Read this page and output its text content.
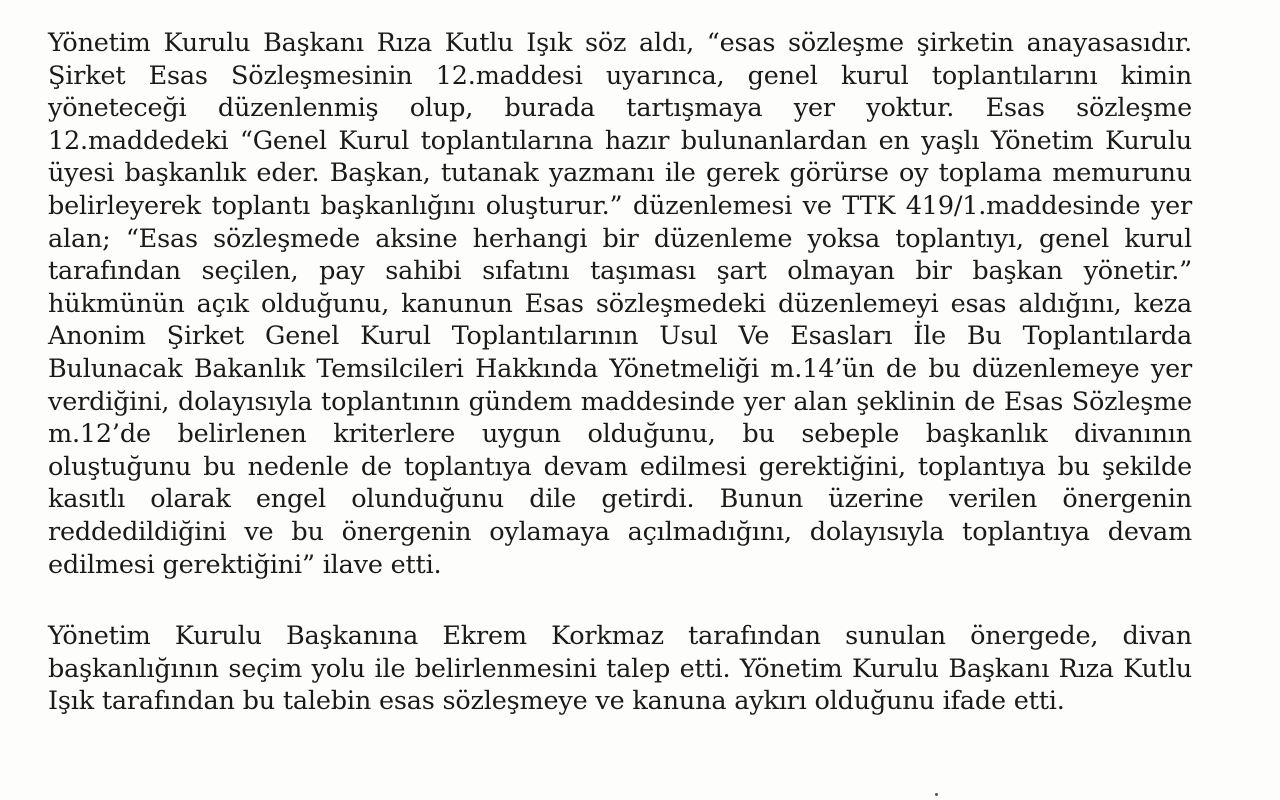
Yönetim Kurulu Başkanı Rıza Kutlu Işık söz aldı, “esas sözleşme şirketin anayasasıdır. Şirket Esas Sözleşmesinin 12.maddesi uyarınca, genel kurul toplantılarını kimin yöneteceği düzenlenmiş olup, burada tartışmaya yer yoktur. Esas sözleşme 12.maddedeki “Genel Kurul toplantılarına hazır bulunanlardan en yaşlı Yönetim Kurulu üyesi başkanlık eder. Başkan, tutanak yazmanı ile gerek görürse oy toplama memurunu belirleyerek toplantı başkanlığını oluşturur.” düzenlemesi ve TTK 419/1.maddesinde yer alan; “Esas sözleşmede aksine herhangi bir düzenleme yoksa toplantıyı, genel kurul tarafından seçilen, pay sahibi sıfatını taşıması şart olmayan bir başkan yönetir.” hükmünün açık olduğunu, kanunun Esas sözleşmedeki düzenlemeyi esas aldığını, keza Anonim Şirket Genel Kurul Toplantılarının Usul Ve Esasları İle Bu Toplantılarda Bulunacak Bakanlık Temsilcileri Hakkında Yönetmeliği m.14’ün de bu düzenlemeye yer verdiğini, dolayısıyla toplantının gündem maddesinde yer alan şeklinin de Esas Sözleşme m.12’de belirlenen kriterlere uygun olduğunu, bu sebeple başkanlık divanının oluştuğunu bu nedenle de toplantıya devam edilmesi gerektiğini, toplantıya bu şekilde kasıtlı olarak engel olunduğunu dile getirdi. Bunun üzerine verilen önergenin reddedildiğini ve bu önergenin oylamaya açılmadığını, dolayısıyla toplantıya devam edilmesi gerektiğini” ilave etti.

Yönetim Kurulu Başkanına Ekrem Korkmaz tarafından sunulan önergede, divan başkanlığının seçim yolu ile belirlenmesini talep etti. Yönetim Kurulu Başkanı Rıza Kutlu Işık tarafından bu talebin esas sözleşmeye ve kanuna aykırı olduğunu ifade etti.
